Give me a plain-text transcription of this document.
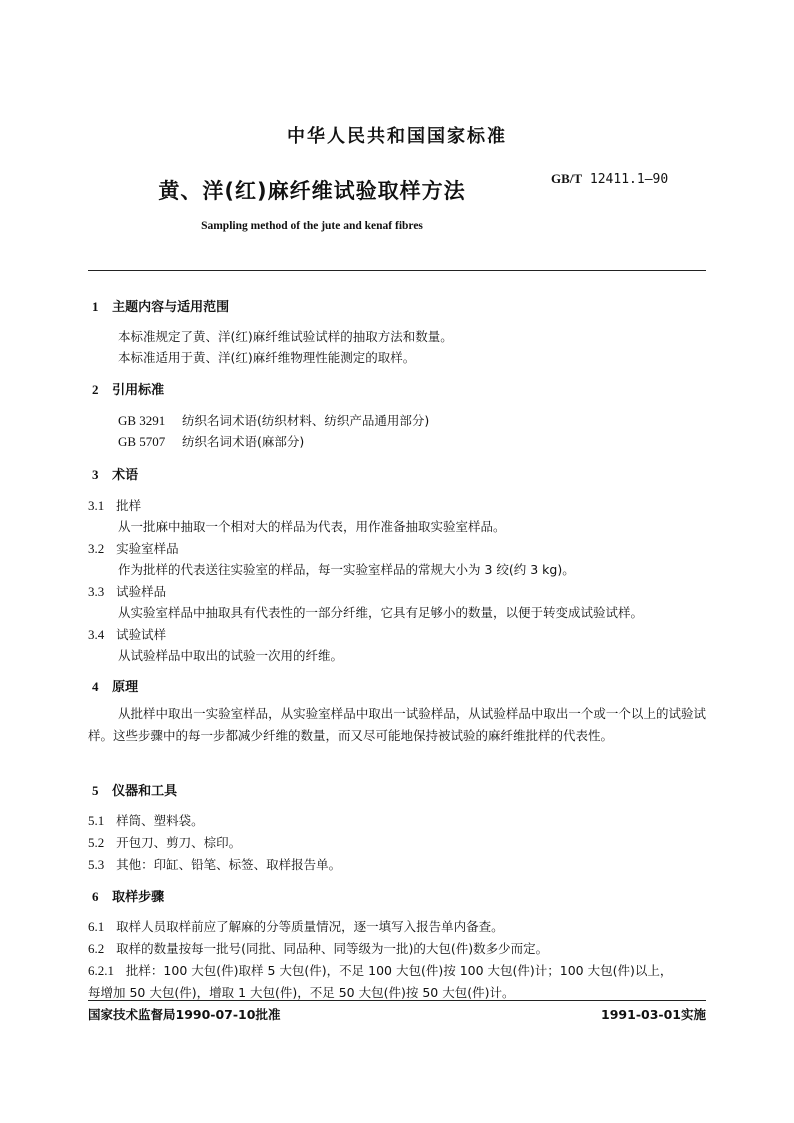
中华人民共和国国家标准
GB/T 12411.1—90
黄、洋(红)麻纤维试验取样方法
Sampling method of the jute and kenaf fibres
1 主题内容与适用范围
本标准规定了黄、洋(红)麻纤维试验试样的抽取方法和数量。
本标准适用于黄、洋(红)麻纤维物理性能测定的取样。
2 引用标准
GB 3291 纺织名词术语(纺织材料、纺织产品通用部分)
GB 5707 纺织名词术语(麻部分)
3 术语
3.1 批样
从一批麻中抽取一个相对大的样品为代表，用作准备抽取实验室样品。
3.2 实验室样品
作为批样的代表送往实验室的样品，每一实验室样品的常规大小为 3 绞(约 3 kg)。
3.3 试验样品
从实验室样品中抽取具有代表性的一部分纤维，它具有足够小的数量，以便于转变成试验试样。
3.4 试验试样
从试验样品中取出的试验一次用的纤维。
4 原理
从批样中取出一实验室样品，从实验室样品中取出一试验样品，从试验样品中取出一个或一个以上的试验试样。这些步骤中的每一步都减少纤维的数量，而又尽可能地保持被试验的麻纤维批样的代表性。
5 仪器和工具
5.1 样筒、塑料袋。
5.2 开包刀、剪刀、棕印。
5.3 其他：印缸、铅笔、标签、取样报告单。
6 取样步骤
6.1 取样人员取样前应了解麻的分等质量情况，逐一填写入报告单内备查。
6.2 取样的数量按每一批号(同批、同品种、同等级为一批)的大包(件)数多少而定。
6.2.1 批样：100 大包(件)取样 5 大包(件)，不足 100 大包(件)按 100 大包(件)计；100 大包(件)以上，
每增加 50 大包(件)，增取 1 大包(件)，不足 50 大包(件)按 50 大包(件)计。
国家技术监督局1990-07-10批准	1991-03-01实施
